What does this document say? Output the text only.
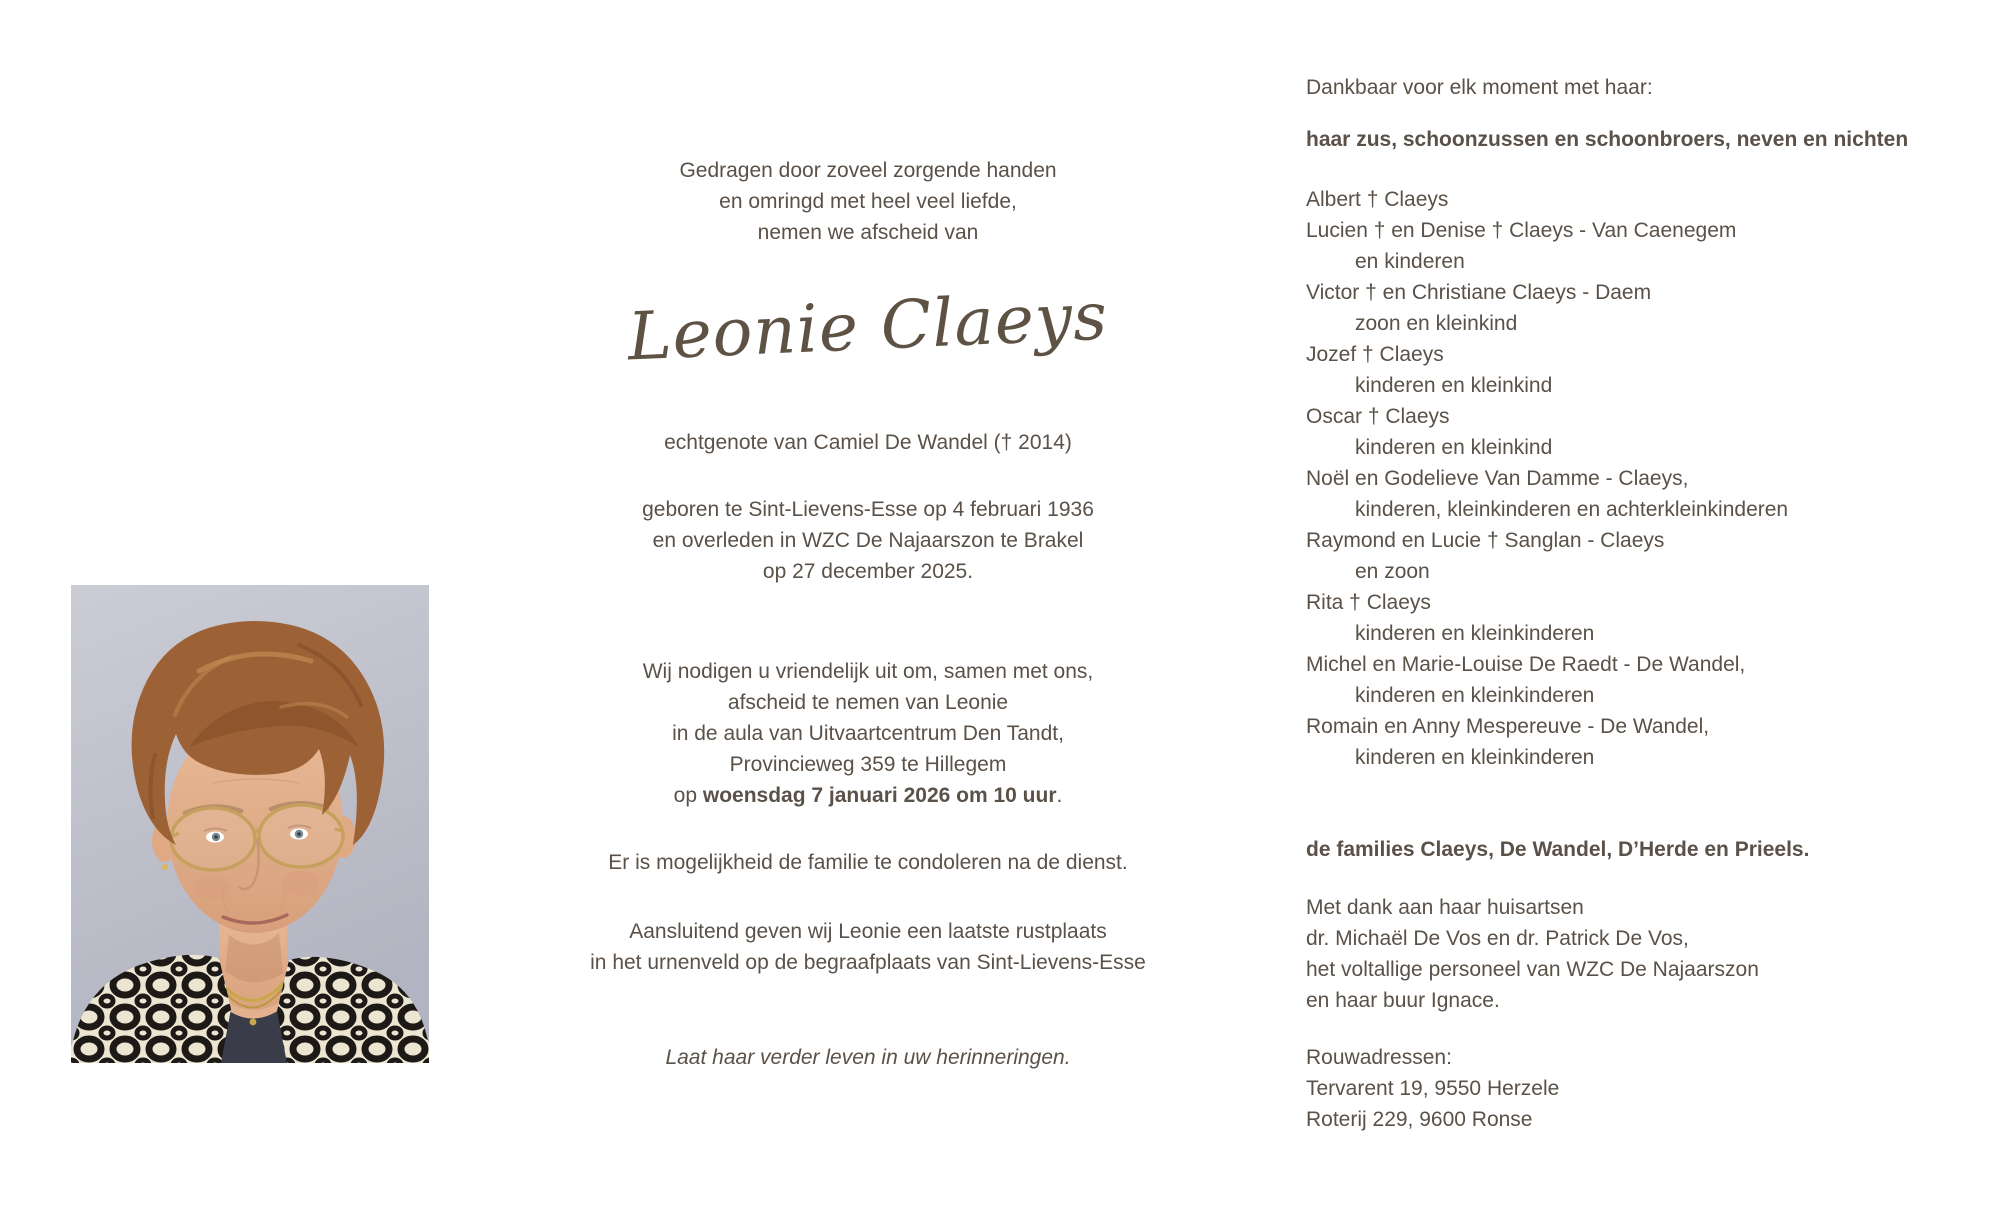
Gedragen door zoveel zorgende handen
en omringd met heel veel liefde,
nemen we afscheid van
Leonie Claeys
echtgenote van Camiel De Wandel († 2014)
geboren te Sint-Lievens-Esse op 4 februari 1936
en overleden in WZC De Najaarszon te Brakel
op 27 december 2025.
Wij nodigen u vriendelijk uit om, samen met ons,
afscheid te nemen van Leonie
in de aula van Uitvaartcentrum Den Tandt,
Provincieweg 359 te Hillegem
op woensdag 7 januari 2026 om 10 uur.
Er is mogelijkheid de familie te condoleren na de dienst.
Aansluitend geven wij Leonie een laatste rustplaats
in het urnenveld op de begraafplaats van Sint-Lievens-Esse
Laat haar verder leven in uw herinneringen.
Dankbaar voor elk moment met haar:
haar zus, schoonzussen en schoonbroers, neven en nichten
Albert † Claeys
Lucien † en Denise † Claeys - Van Caenegem
en kinderen
Victor † en Christiane Claeys - Daem
zoon en kleinkind
Jozef † Claeys
kinderen en kleinkind
Oscar † Claeys
kinderen en kleinkind
Noël en Godelieve Van Damme - Claeys,
kinderen, kleinkinderen en achterkleinkinderen
Raymond en Lucie † Sanglan - Claeys
en zoon
Rita † Claeys
kinderen en kleinkinderen
Michel en Marie-Louise De Raedt - De Wandel,
kinderen en kleinkinderen
Romain en Anny Mespereuve - De Wandel,
kinderen en kleinkinderen
de families Claeys, De Wandel, D’Herde en Prieels.
Met dank aan haar huisartsen
dr. Michaël De Vos en dr. Patrick De Vos,
het voltallige personeel van WZC De Najaarszon
en haar buur Ignace.
Rouwadressen:
Tervarent 19, 9550 Herzele
Roterij 229, 9600 Ronse
